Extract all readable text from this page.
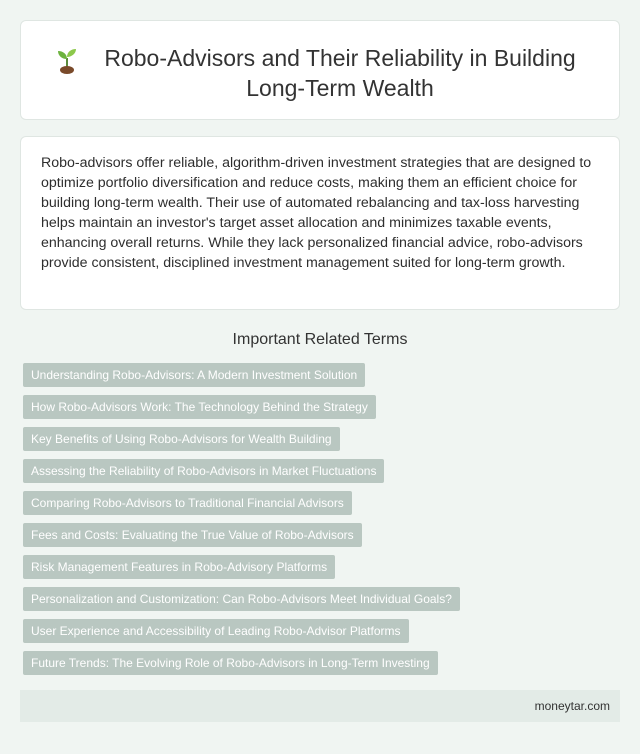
Robo-Advisors and Their Reliability in Building Long-Term Wealth

Robo-advisors offer reliable, algorithm-driven investment strategies that are designed to optimize portfolio diversification and reduce costs, making them an efficient choice for building long-term wealth. Their use of automated rebalancing and tax-loss harvesting helps maintain an investor's target asset allocation and minimizes taxable events, enhancing overall returns. While they lack personalized financial advice, robo-advisors provide consistent, disciplined investment management suited for long-term growth.

Important Related Terms
Understanding Robo-Advisors: A Modern Investment Solution
How Robo-Advisors Work: The Technology Behind the Strategy
Key Benefits of Using Robo-Advisors for Wealth Building
Assessing the Reliability of Robo-Advisors in Market Fluctuations
Comparing Robo-Advisors to Traditional Financial Advisors
Fees and Costs: Evaluating the True Value of Robo-Advisors
Risk Management Features in Robo-Advisory Platforms
Personalization and Customization: Can Robo-Advisors Meet Individual Goals?
User Experience and Accessibility of Leading Robo-Advisor Platforms
Future Trends: The Evolving Role of Robo-Advisors in Long-Term Investing
moneytar.com
